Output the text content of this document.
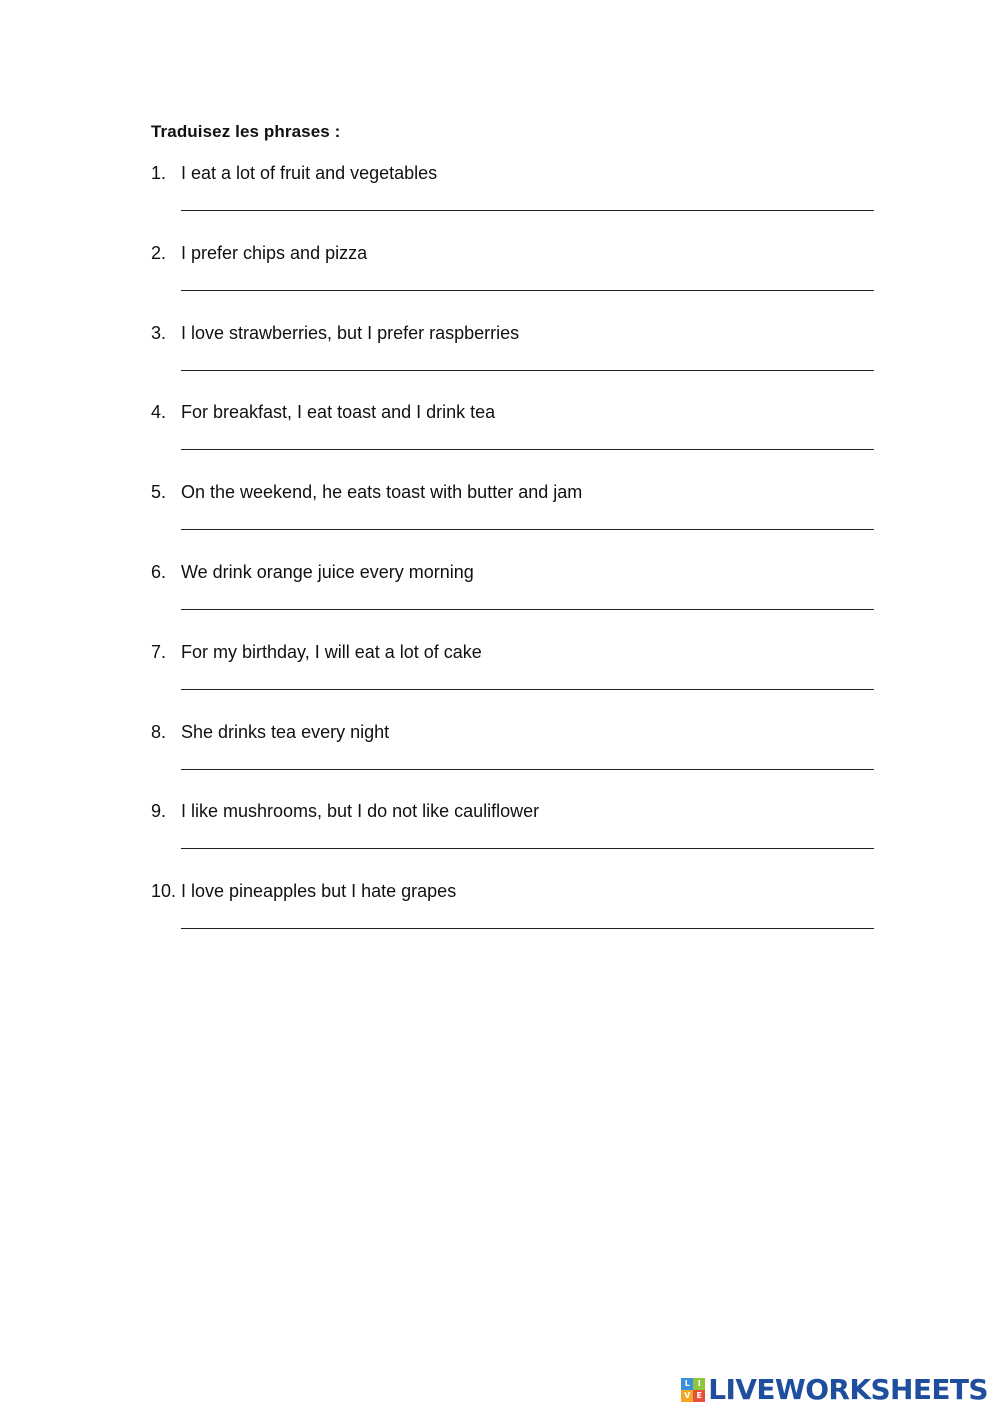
Traduisez les phrases :
1. I eat a lot of fruit and vegetables
2. I prefer chips and pizza
3. I love strawberries, but I prefer raspberries
4. For breakfast, I eat toast and I drink tea
5. On the weekend, he eats toast with butter and jam
6. We drink orange juice every morning
7. For my birthday, I will eat a lot of cake
8. She drinks tea every night
9. I like mushrooms, but I do not like cauliflower
10. I love pineapples but I hate grapes
L I
V E LIVEWORKSHEETS
